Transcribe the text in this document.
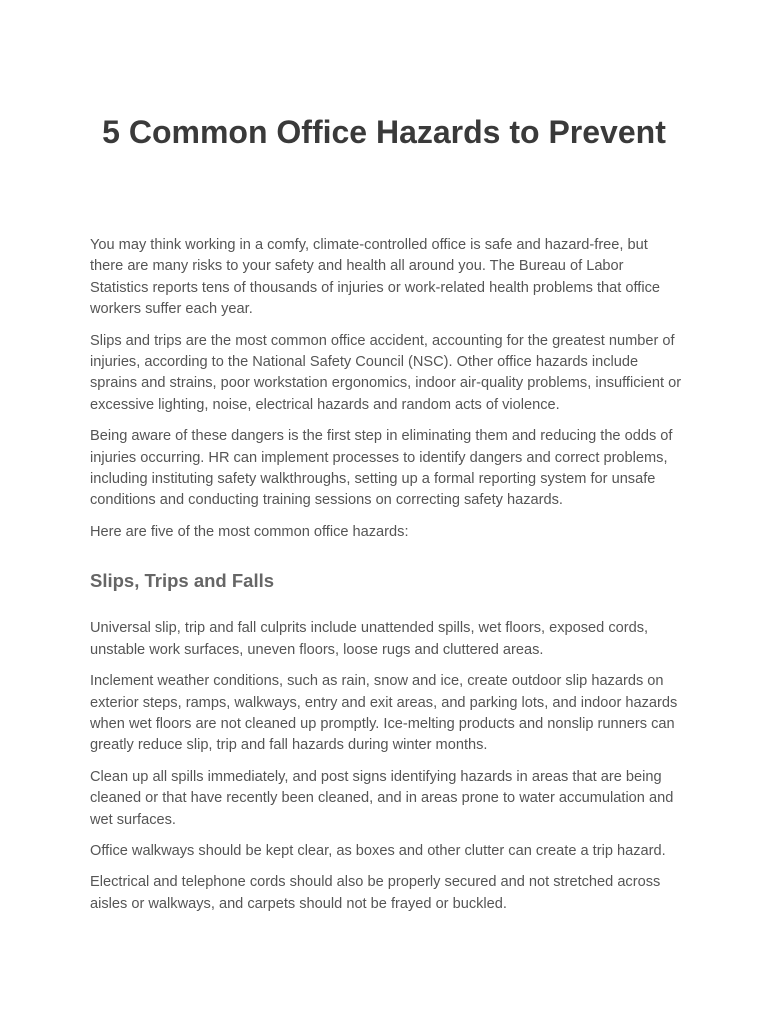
5 Common Office Hazards to Prevent

You may think working in a comfy, climate-controlled office is safe and hazard-free, but there are many risks to your safety and health all around you. The Bureau of Labor Statistics reports tens of thousands of injuries or work-related health problems that office workers suffer each year.

Slips and trips are the most common office accident, accounting for the greatest number of injuries, according to the National Safety Council (NSC). Other office hazards include sprains and strains, poor workstation ergonomics, indoor air-quality problems, insufficient or excessive lighting, noise, electrical hazards and random acts of violence.

Being aware of these dangers is the first step in eliminating them and reducing the odds of injuries occurring. HR can implement processes to identify dangers and correct problems, including instituting safety walkthroughs, setting up a formal reporting system for unsafe conditions and conducting training sessions on correcting safety hazards.

Here are five of the most common office hazards:

Slips, Trips and Falls

Universal slip, trip and fall culprits include unattended spills, wet floors, exposed cords, unstable work surfaces, uneven floors, loose rugs and cluttered areas.

Inclement weather conditions, such as rain, snow and ice, create outdoor slip hazards on exterior steps, ramps, walkways, entry and exit areas, and parking lots, and indoor hazards when wet floors are not cleaned up promptly. Ice-melting products and nonslip runners can greatly reduce slip, trip and fall hazards during winter months.

Clean up all spills immediately, and post signs identifying hazards in areas that are being cleaned or that have recently been cleaned, and in areas prone to water accumulation and wet surfaces.

Office walkways should be kept clear, as boxes and other clutter can create a trip hazard.

Electrical and telephone cords should also be properly secured and not stretched across aisles or walkways, and carpets should not be frayed or buckled.
